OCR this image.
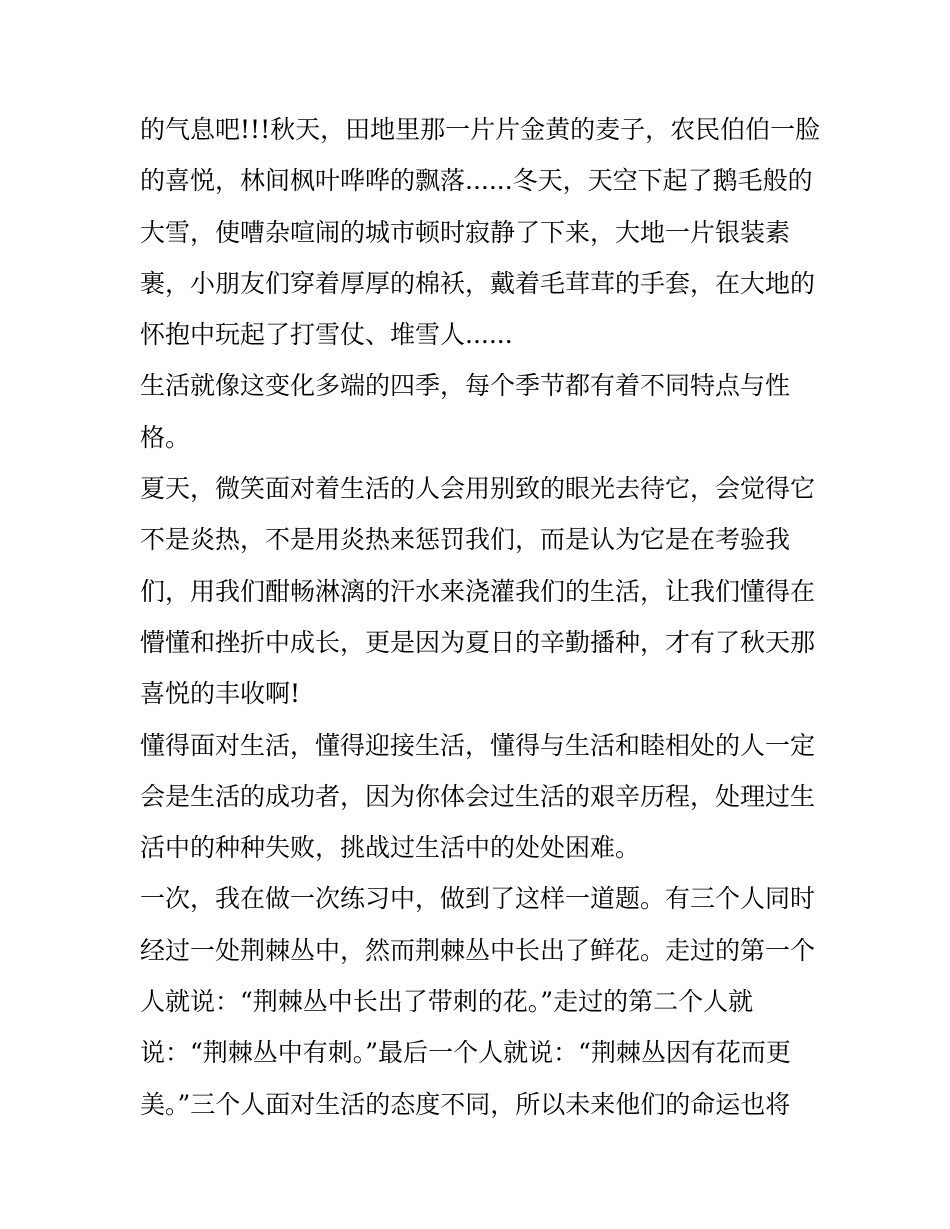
的气息吧!!!秋天，田地里那一片片金黄的麦子，农民伯伯一脸
的喜悦，林间枫叶哗哗的飘落......冬天，天空下起了鹅毛般的
大雪，使嘈杂喧闹的城市顿时寂静了下来，大地一片银装素
裹，小朋友们穿着厚厚的棉袄，戴着毛茸茸的手套，在大地的
怀抱中玩起了打雪仗、堆雪人......
生活就像这变化多端的四季，每个季节都有着不同特点与性
格。
夏天，微笑面对着生活的人会用别致的眼光去待它，会觉得它
不是炎热，不是用炎热来惩罚我们，而是认为它是在考验我
们，用我们酣畅淋漓的汗水来浇灌我们的生活，让我们懂得在
懵懂和挫折中成长，更是因为夏日的辛勤播种，才有了秋天那
喜悦的丰收啊!
懂得面对生活，懂得迎接生活，懂得与生活和睦相处的人一定
会是生活的成功者，因为你体会过生活的艰辛历程，处理过生
活中的种种失败，挑战过生活中的处处困难。
一次，我在做一次练习中，做到了这样一道题。有三个人同时
经过一处荆棘丛中，然而荆棘丛中长出了鲜花。走过的第一个
人就说：“荆棘丛中长出了带刺的花。”走过的第二个人就
说：“荆棘丛中有刺。”最后一个人就说：“荆棘丛因有花而更
美。”三个人面对生活的态度不同，所以未来他们的命运也将
